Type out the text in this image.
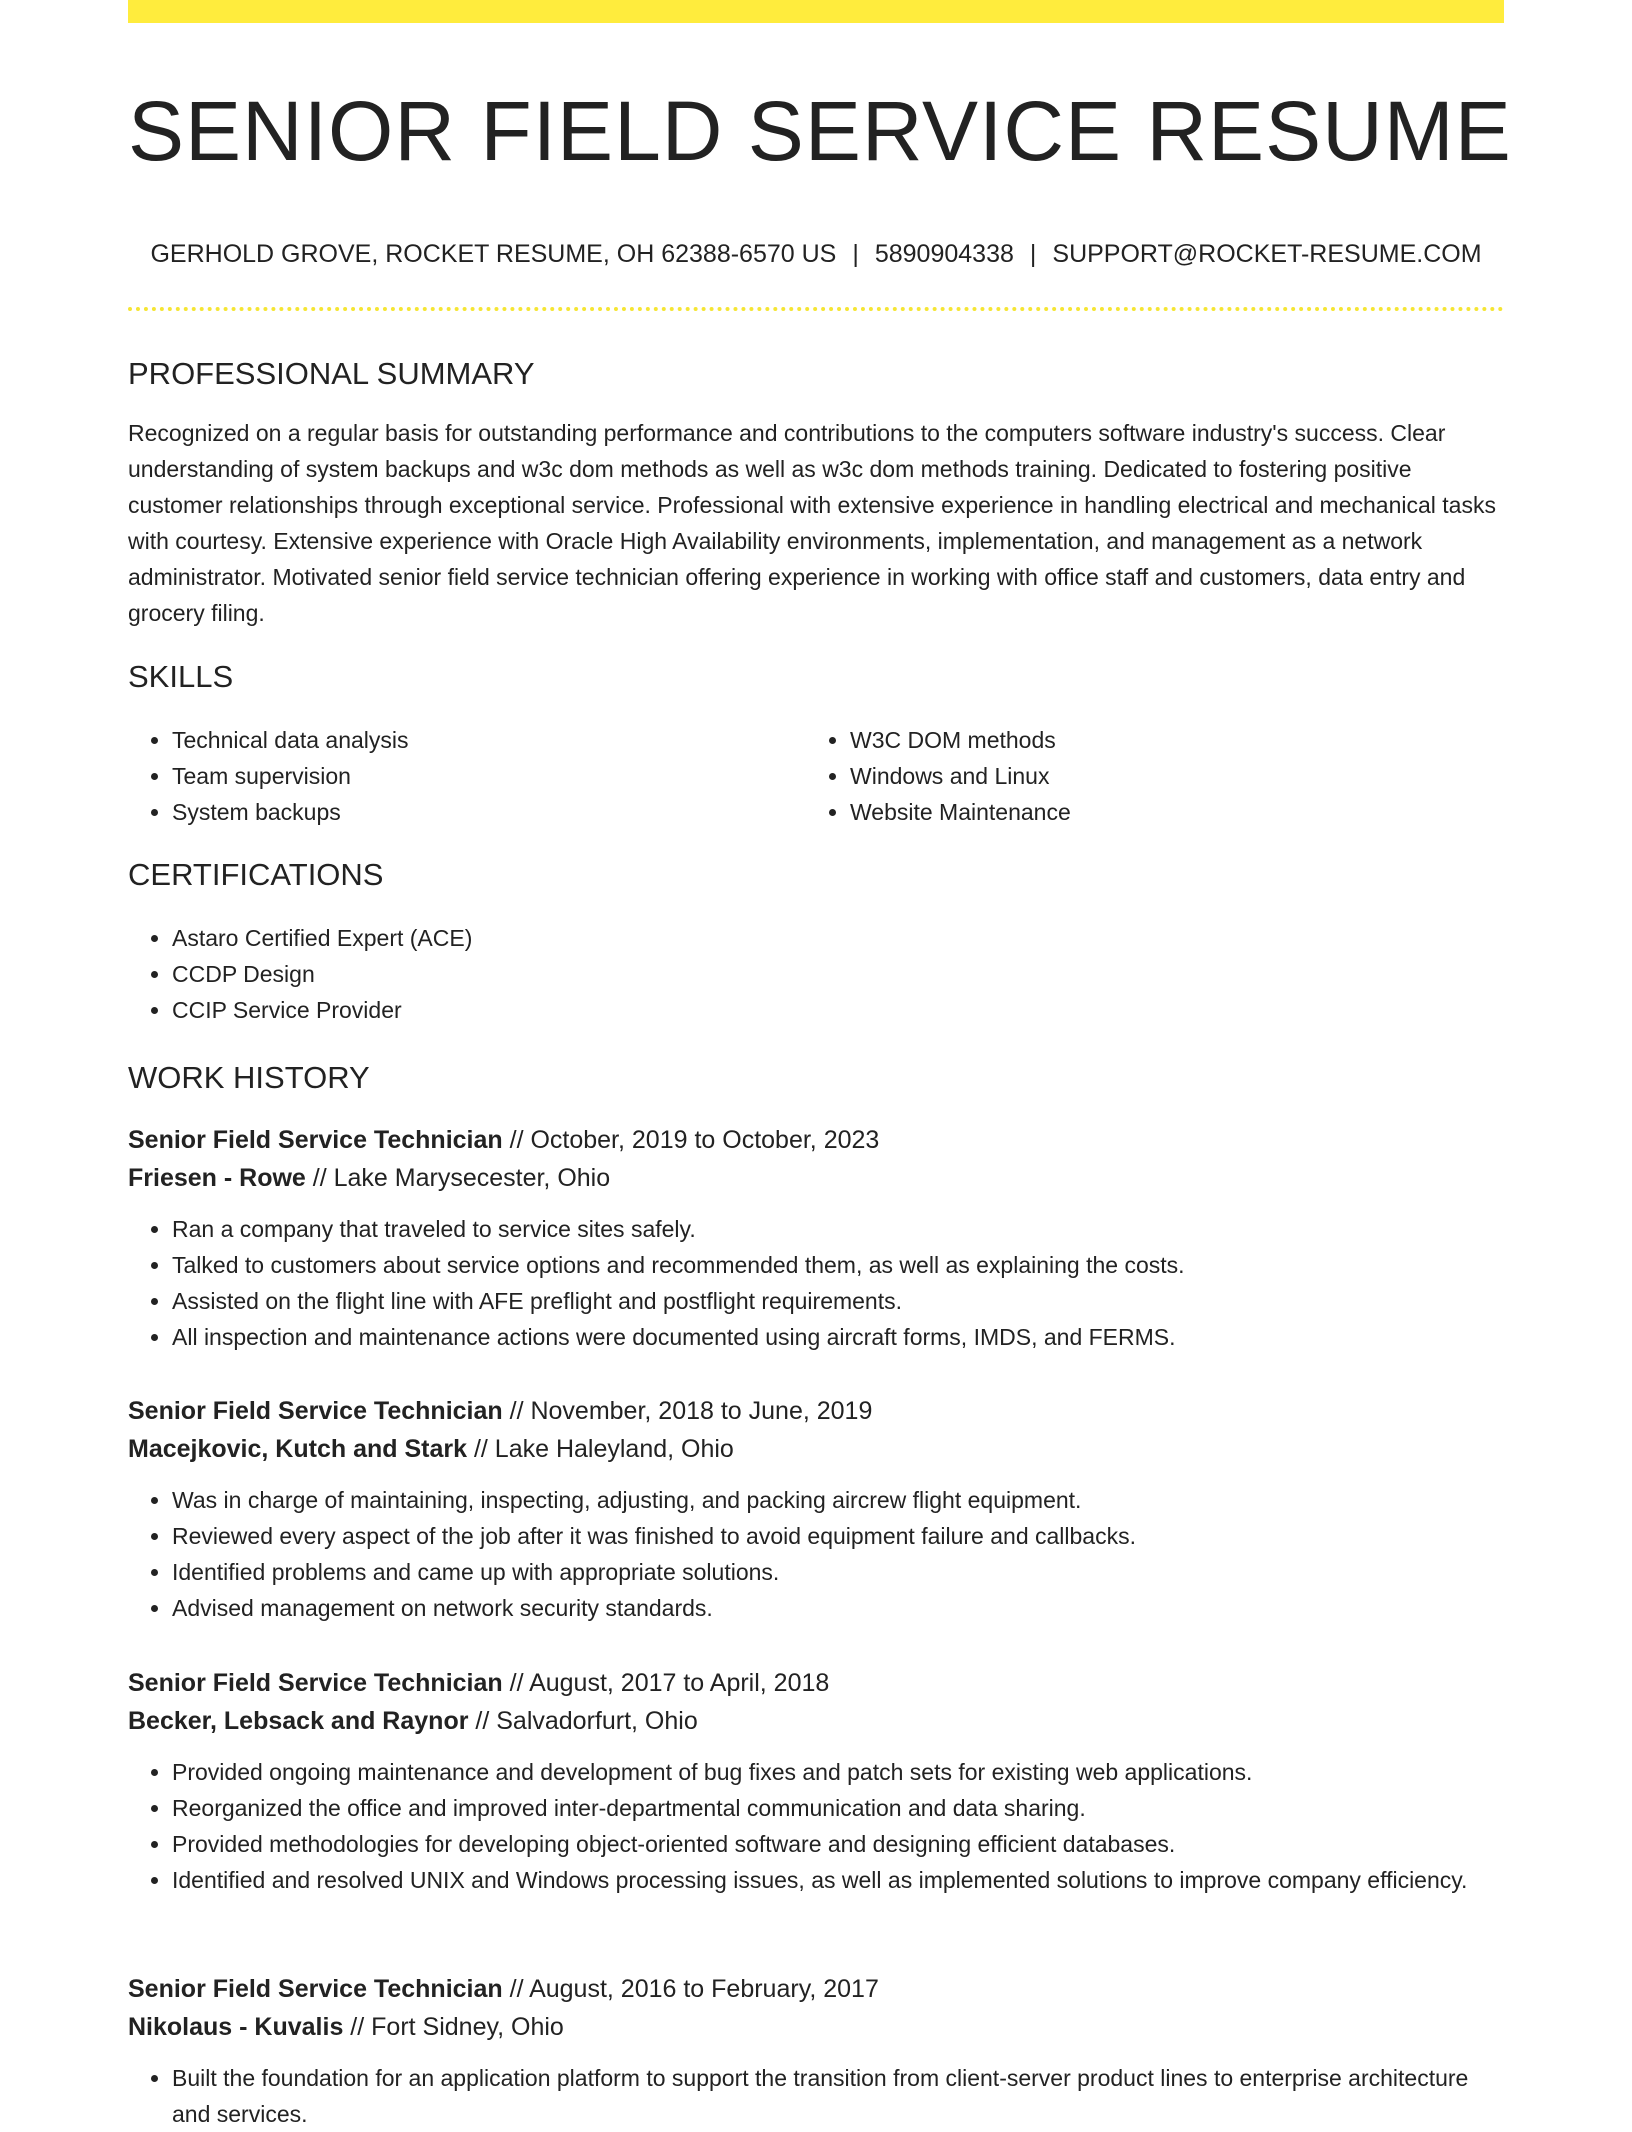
SENIOR FIELD SERVICE RESUME
GERHOLD GROVE, ROCKET RESUME, OH 62388-6570 US | 5890904338 | SUPPORT@ROCKET-RESUME.COM
PROFESSIONAL SUMMARY
Recognized on a regular basis for outstanding performance and contributions to the computers software industry's success. Clear understanding of system backups and w3c dom methods as well as w3c dom methods training. Dedicated to fostering positive customer relationships through exceptional service. Professional with extensive experience in handling electrical and mechanical tasks with courtesy. Extensive experience with Oracle High Availability environments, implementation, and management as a network administrator. Motivated senior field service technician offering experience in working with office staff and customers, data entry and grocery filing.
SKILLS
• Technical data analysis
• Team supervision
• System backups
• W3C DOM methods
• Windows and Linux
• Website Maintenance
CERTIFICATIONS
• Astaro Certified Expert (ACE)
• CCDP Design
• CCIP Service Provider
WORK HISTORY
Senior Field Service Technician // October, 2019 to October, 2023
Friesen - Rowe // Lake Marysecester, Ohio
• Ran a company that traveled to service sites safely.
• Talked to customers about service options and recommended them, as well as explaining the costs.
• Assisted on the flight line with AFE preflight and postflight requirements.
• All inspection and maintenance actions were documented using aircraft forms, IMDS, and FERMS.
Senior Field Service Technician // November, 2018 to June, 2019
Macejkovic, Kutch and Stark // Lake Haleyland, Ohio
• Was in charge of maintaining, inspecting, adjusting, and packing aircrew flight equipment.
• Reviewed every aspect of the job after it was finished to avoid equipment failure and callbacks.
• Identified problems and came up with appropriate solutions.
• Advised management on network security standards.
Senior Field Service Technician // August, 2017 to April, 2018
Becker, Lebsack and Raynor // Salvadorfurt, Ohio
• Provided ongoing maintenance and development of bug fixes and patch sets for existing web applications.
• Reorganized the office and improved inter-departmental communication and data sharing.
• Provided methodologies for developing object-oriented software and designing efficient databases.
• Identified and resolved UNIX and Windows processing issues, as well as implemented solutions to improve company efficiency.
Senior Field Service Technician // August, 2016 to February, 2017
Nikolaus - Kuvalis // Fort Sidney, Ohio
• Built the foundation for an application platform to support the transition from client-server product lines to enterprise architecture and services.
